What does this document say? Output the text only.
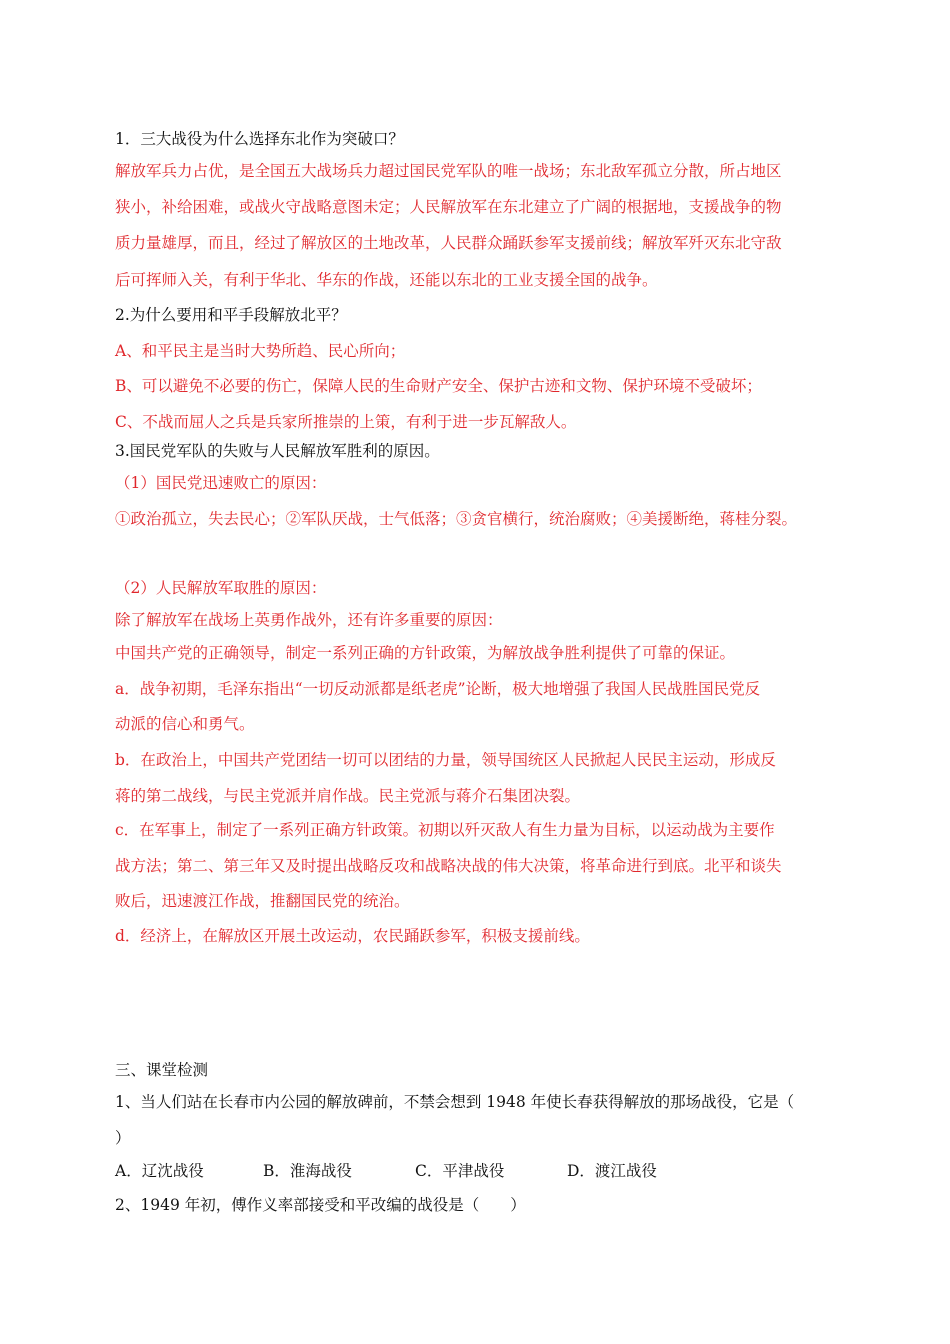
1．三大战役为什么选择东北作为突破口？
解放军兵力占优，是全国五大战场兵力超过国民党军队的唯一战场；东北敌军孤立分散，所占地区
狭小，补给困难，或战火守战略意图未定；人民解放军在东北建立了广阔的根据地，支援战争的物
质力量雄厚，而且，经过了解放区的土地改革，人民群众踊跃参军支援前线；解放军歼灭东北守敌
后可挥师入关，有利于华北、华东的作战，还能以东北的工业支援全国的战争。
2.为什么要用和平手段解放北平？
A、和平民主是当时大势所趋、民心所向；
B、可以避免不必要的伤亡，保障人民的生命财产安全、保护古迹和文物、保护环境不受破坏；
C、不战而屈人之兵是兵家所推崇的上策，有利于进一步瓦解敌人。
3.国民党军队的失败与人民解放军胜利的原因。
（1）国民党迅速败亡的原因：
①政治孤立，失去民心；②军队厌战，士气低落；③贪官横行，统治腐败；④美援断绝，蒋桂分裂。
（2）人民解放军取胜的原因：
除了解放军在战场上英勇作战外，还有许多重要的原因：
中国共产党的正确领导，制定一系列正确的方针政策，为解放战争胜利提供了可靠的保证。
a．战争初期，毛泽东指出“一切反动派都是纸老虎”论断，极大地增强了我国人民战胜国民党反
动派的信心和勇气。
b．在政治上，中国共产党团结一切可以团结的力量，领导国统区人民掀起人民民主运动，形成反
蒋的第二战线，与民主党派并肩作战。民主党派与蒋介石集团决裂。
c．在军事上，制定了一系列正确方针政策。初期以歼灭敌人有生力量为目标，以运动战为主要作
战方法；第二、第三年又及时提出战略反攻和战略决战的伟大决策，将革命进行到底。北平和谈失
败后，迅速渡江作战，推翻国民党的统治。
d．经济上，在解放区开展土改运动，农民踊跃参军，积极支援前线。
三、课堂检测
1、当人们站在长春市内公园的解放碑前，不禁会想到 1948 年使长春获得解放的那场战役，它是（
）
A．辽沈战役	B．淮海战役	C．平津战役	D．渡江战役
2、1949 年初，傅作义率部接受和平改编的战役是（　　）
